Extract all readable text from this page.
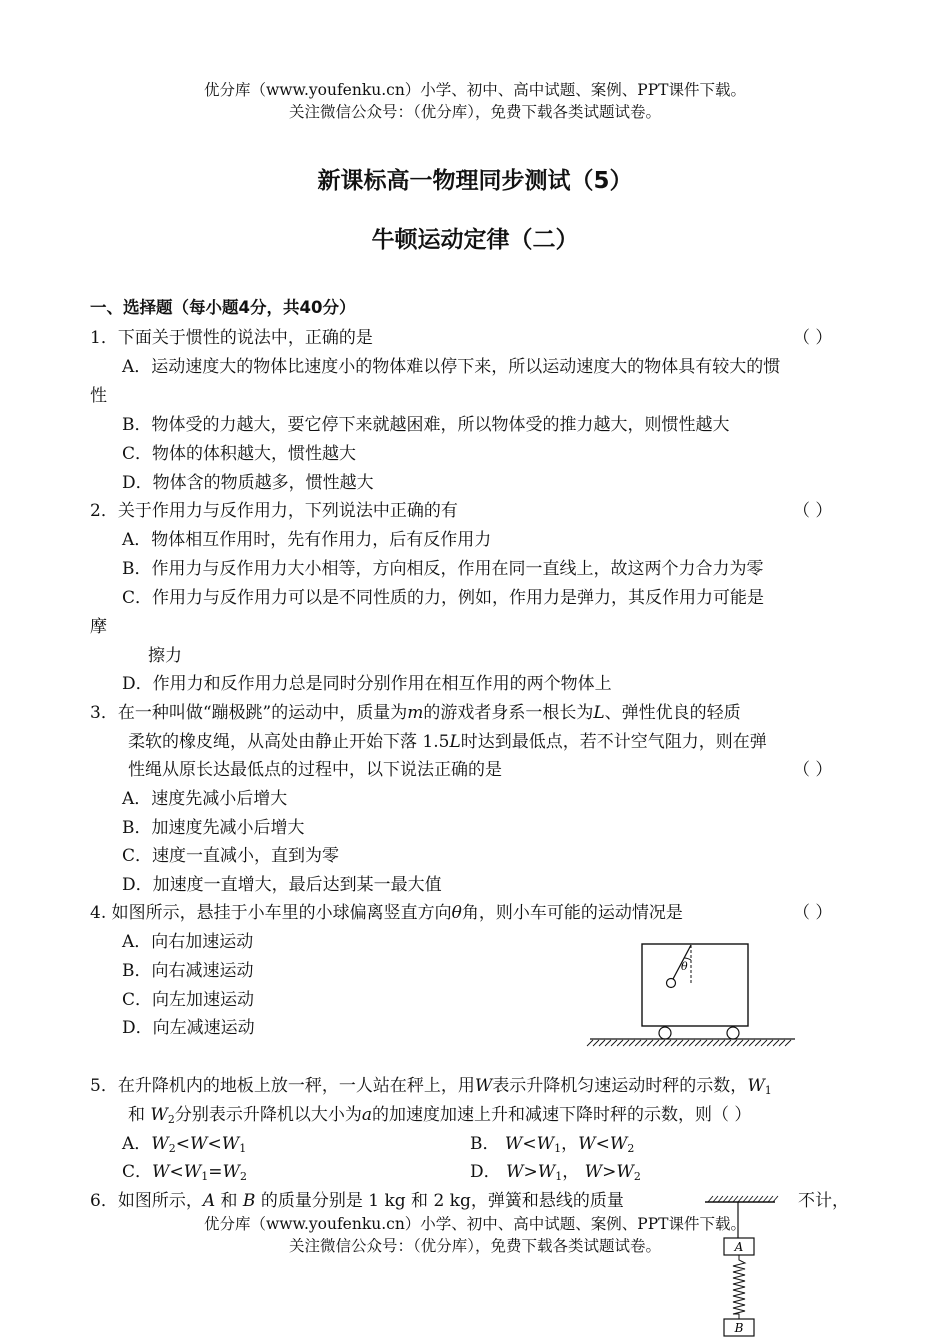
优分库（www.youfenku.cn）小学、初中、高中试题、案例、PPT课件下载。
关注微信公众号：（优分库），免费下载各类试题试卷。
新课标高一物理同步测试（5）
牛顿运动定律（二）
一、选择题（每小题4分，共40分）
1．下面关于惯性的说法中，正确的是	（ ）
A．运动速度大的物体比速度小的物体难以停下来，所以运动速度大的物体具有较大的惯
性
B．物体受的力越大，要它停下来就越困难，所以物体受的推力越大，则惯性越大
C．物体的体积越大，惯性越大
D．物体含的物质越多，惯性越大
2．关于作用力与反作用力，下列说法中正确的有	（ ）
A．物体相互作用时，先有作用力，后有反作用力
B．作用力与反作用力大小相等，方向相反，作用在同一直线上，故这两个力合力为零
C．作用力与反作用力可以是不同性质的力，例如，作用力是弹力，其反作用力可能是
摩
擦力
D．作用力和反作用力总是同时分别作用在相互作用的两个物体上
3．在一种叫做“蹦极跳”的运动中，质量为m的游戏者身系一根长为L、弹性优良的轻质
柔软的橡皮绳，从高处由静止开始下落 1.5L时达到最低点，若不计空气阻力，则在弹
性绳从原长达最低点的过程中，以下说法正确的是	（ ）
A．速度先减小后增大
B．加速度先减小后增大
C．速度一直减小，直到为零
D．加速度一直增大，最后达到某一最大值
4. 如图所示，悬挂于小车里的小球偏离竖直方向θ角，则小车可能的运动情况是	（ ）
A．向右加速运动
B．向右减速运动
C．向左加速运动
D．向左减速运动
θ
5．在升降机内的地板上放一秤，一人站在秤上，用W表示升降机匀速运动时秤的示数，$W_1$
和 $W_2$分别表示升降机以大小为a的加速度加速上升和减速下降时秤的示数，则（ ）
A．$W_2<W<W_1$	B． $W<W_1$，$W<W_2$
C．$W<W_1=W_2$	D． $W>W_1$， $W>W_2$
6．如图所示，A 和 B 的质量分别是 1 kg 和 2 kg，弹簧和悬线的质量	不计，
优分库（www.youfenku.cn）小学、初中、高中试题、案例、PPT课件下载。
关注微信公众号：（优分库），免费下载各类试题试卷。	A
B
